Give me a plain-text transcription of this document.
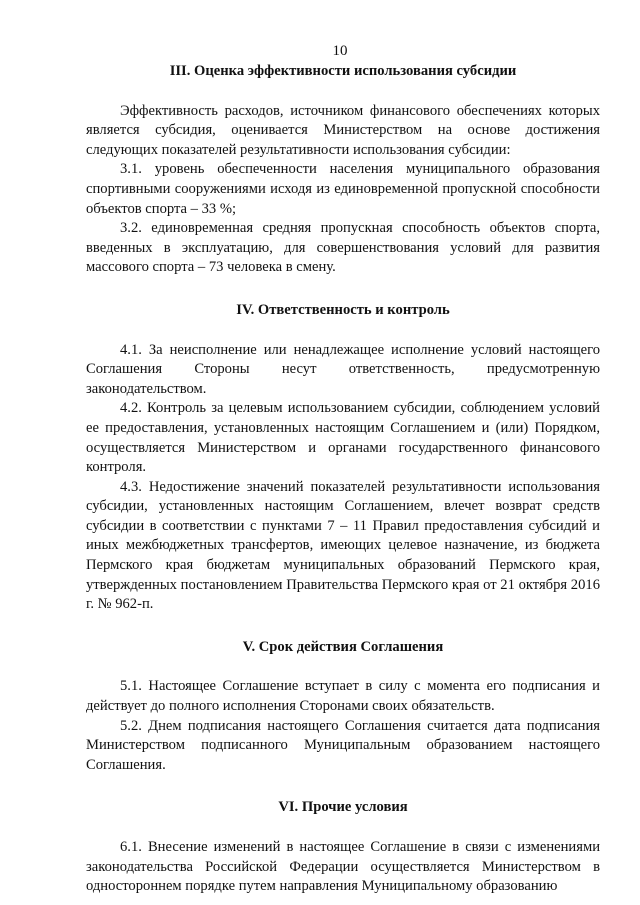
10

III. Оценка эффективности использования субсидии

Эффективность расходов, источником финансового обеспечениях которых является субсидия, оценивается Министерством на основе достижения следующих показателей результативности использования субсидии:

3.1. уровень обеспеченности населения муниципального образования спортивными сооружениями исходя из единовременной пропускной способности объектов спорта – 33 %;

3.2. единовременная средняя пропускная способность объектов спорта, введенных в эксплуатацию, для совершенствования условий для развития массового спорта – 73 человека в смену.

IV. Ответственность и контроль

4.1. За неисполнение или ненадлежащее исполнение условий настоящего Соглашения Стороны несут ответственность, предусмотренную законодательством.

4.2. Контроль за целевым использованием субсидии, соблюдением условий ее предоставления, установленных настоящим Соглашением и (или) Порядком, осуществляется Министерством и органами государственного финансового контроля.

4.3. Недостижение значений показателей результативности использования субсидии, установленных настоящим Соглашением, влечет возврат средств субсидии в соответствии с пунктами 7 – 11 Правил предоставления субсидий и иных межбюджетных трансфертов, имеющих целевое назначение, из бюджета Пермского края бюджетам муниципальных образований Пермского края, утвержденных постановлением Правительства Пермского края от 21 октября 2016 г. № 962-п.

V. Срок действия Соглашения

5.1. Настоящее Соглашение вступает в силу с момента его подписания и действует до полного исполнения Сторонами своих обязательств.

5.2. Днем подписания настоящего Соглашения считается дата подписания Министерством подписанного Муниципальным образованием настоящего Соглашения.

VI. Прочие условия

6.1. Внесение изменений в настоящее Соглашение в связи с изменениями законодательства Российской Федерации осуществляется Министерством в одностороннем порядке путем направления Муниципальному образованию
